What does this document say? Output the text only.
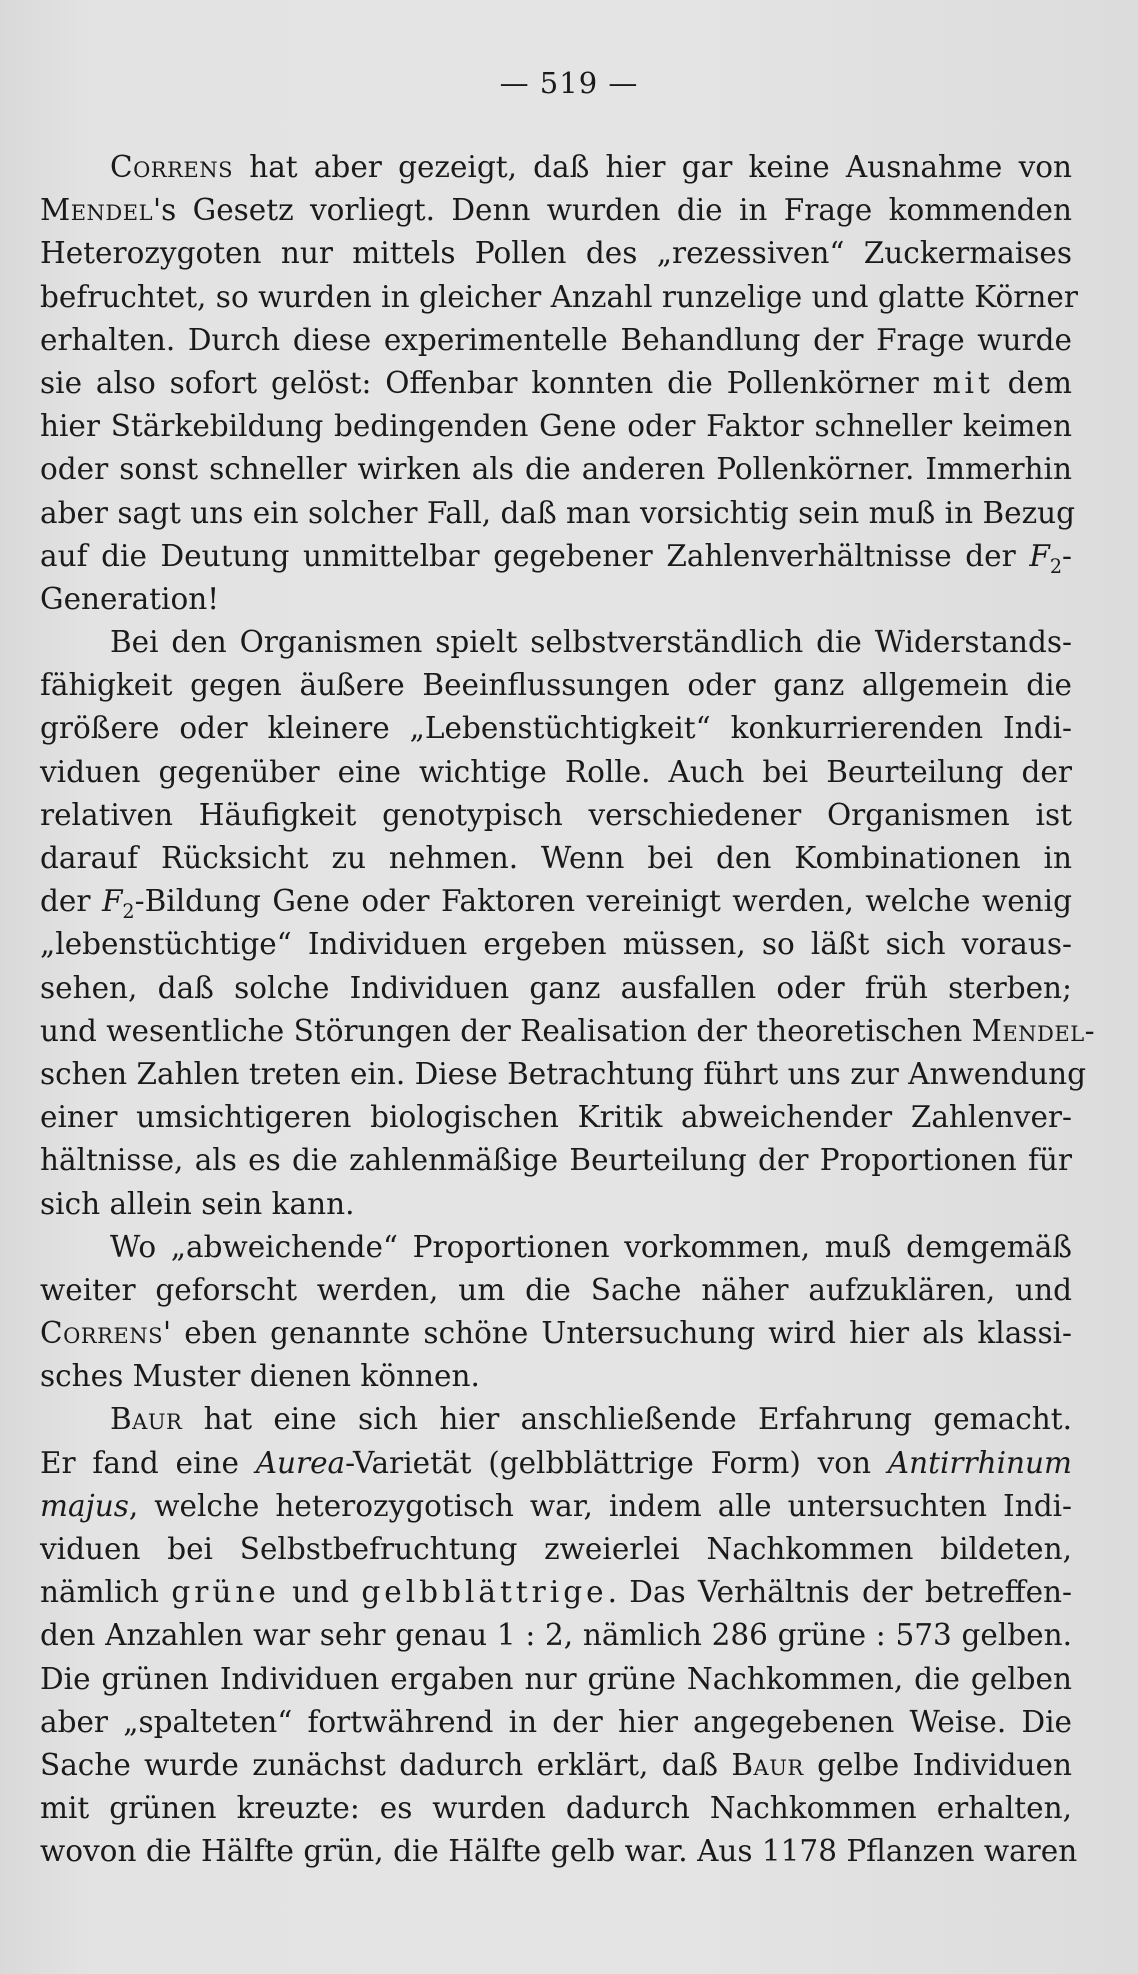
— 519 —
Correns hat aber gezeigt, daß hier gar keine Ausnahme von
Mendel's Gesetz vorliegt. Denn wurden die in Frage kommenden
Heterozygoten nur mittels Pollen des „rezessiven“ Zuckermaises
befruchtet, so wurden in gleicher Anzahl runzelige und glatte Körner
erhalten. Durch diese experimentelle Behandlung der Frage wurde
sie also sofort gelöst: Offenbar konnten die Pollenkörner mit dem
hier Stärkebildung bedingenden Gene oder Faktor schneller keimen
oder sonst schneller wirken als die anderen Pollenkörner. Immerhin
aber sagt uns ein solcher Fall, daß man vorsichtig sein muß in Bezug
auf die Deutung unmittelbar gegebener Zahlenverhältnisse der $F_2-$
Generation!
Bei den Organismen spielt selbstverständlich die Widerstands-
fähigkeit gegen äußere Beeinflussungen oder ganz allgemein die
größere oder kleinere „Lebenstüchtigkeit“ konkurrierenden Indi-
viduen gegenüber eine wichtige Rolle. Auch bei Beurteilung der
relativen Häufigkeit genotypisch verschiedener Organismen ist
darauf Rücksicht zu nehmen. Wenn bei den Kombinationen in
der $F_2$-Bildung Gene oder Faktoren vereinigt werden, welche wenig
„lebenstüchtige“ Individuen ergeben müssen, so läßt sich voraus-
sehen, daß solche Individuen ganz ausfallen oder früh sterben;
und wesentliche Störungen der Realisation der theoretischen Mendel-
schen Zahlen treten ein. Diese Betrachtung führt uns zur Anwendung
einer umsichtigeren biologischen Kritik abweichender Zahlenver-
hältnisse, als es die zahlenmäßige Beurteilung der Proportionen für
sich allein sein kann.
Wo „abweichende“ Proportionen vorkommen, muß demgemäß
weiter geforscht werden, um die Sache näher aufzuklären, und
Correns' eben genannte schöne Untersuchung wird hier als klassi-
sches Muster dienen können.
Baur hat eine sich hier anschließende Erfahrung gemacht.
Er fand eine Aurea-Varietät (gelbblättrige Form) von Antirrhinum
majus, welche heterozygotisch war, indem alle untersuchten Indi-
viduen bei Selbstbefruchtung zweierlei Nachkommen bildeten,
nämlich grüne und gelbblättrige. Das Verhältnis der betreffen-
den Anzahlen war sehr genau 1 : 2, nämlich 286 grüne : 573 gelben.
Die grünen Individuen ergaben nur grüne Nachkommen, die gelben
aber „spalteten“ fortwährend in der hier angegebenen Weise. Die
Sache wurde zunächst dadurch erklärt, daß Baur gelbe Individuen
mit grünen kreuzte: es wurden dadurch Nachkommen erhalten,
wovon die Hälfte grün, die Hälfte gelb war. Aus 1178 Pflanzen waren
